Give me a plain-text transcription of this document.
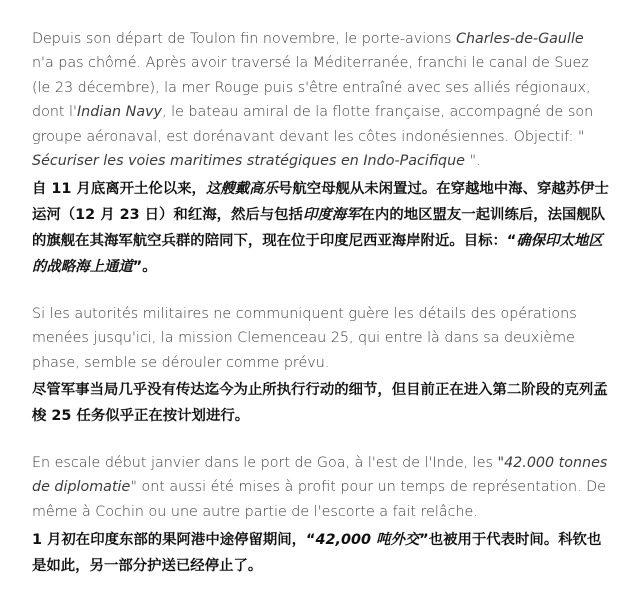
Depuis son départ de Toulon fin novembre, le porte-avions Charles-de-Gaulle n'a pas chômé. Après avoir traversé la Méditerranée, franchi le canal de Suez (le 23 décembre), la mer Rouge puis s'être entraîné avec ses alliés régionaux, dont l'Indian Navy, le bateau amiral de la flotte française, accompagné de son groupe aéronaval, est dorénavant devant les côtes indonésiennes. Objectif: " Sécuriser les voies maritimes stratégiques en Indo-Pacifique ".

自 11 月底离开土伦以来，这艘戴高乐号航空母舰从未闲置过。在穿越地中海、穿越苏伊士运河（12 月 23 日）和红海，然后与包括印度海军在内的地区盟友一起训练后，法国舰队的旗舰在其海军航空兵群的陪同下，现在位于印度尼西亚海岸附近。目标：“确保印太地区的战略海上通道”。

Si les autorités militaires ne communiquent guère les détails des opérations menées jusqu'ici, la mission Clemenceau 25, qui entre là dans sa deuxième phase, semble se dérouler comme prévu.

尽管军事当局几乎没有传达迄今为止所执行行动的细节，但目前正在进入第二阶段的克列孟梭 25 任务似乎正在按计划进行。

En escale début janvier dans le port de Goa, à l'est de l'Inde, les "42.000 tonnes de diplomatie" ont aussi été mises à profit pour un temps de représentation. De même à Cochin ou une autre partie de l'escorte a fait relâche.

1 月初在印度东部的果阿港中途停留期间，“42,000 吨外交”也被用于代表时间。科钦也是如此，另一部分护送已经停止了。
